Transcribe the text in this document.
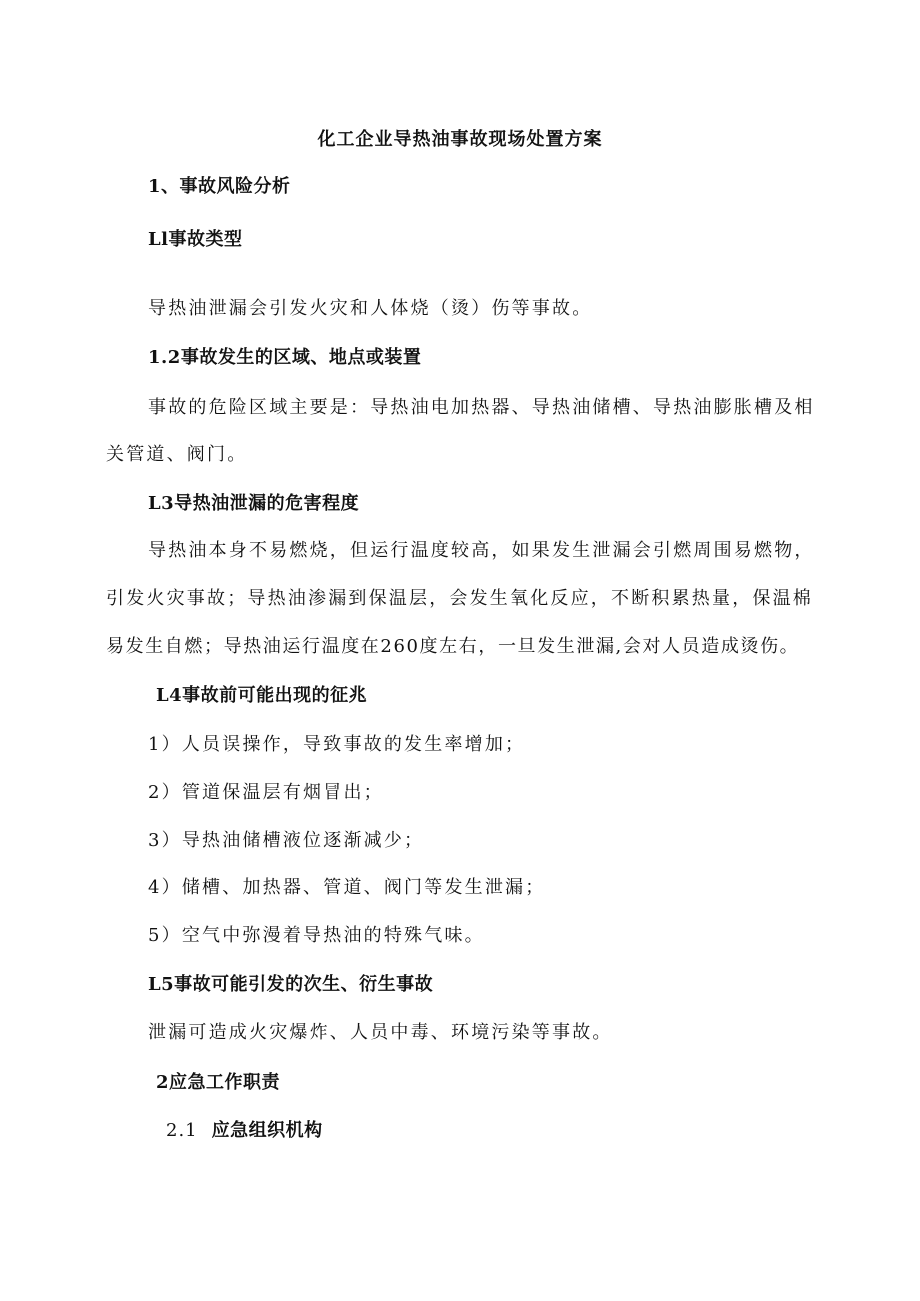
化工企业导热油事故现场处置方案
1、事故风险分析
Ll事故类型
导热油泄漏会引发火灾和人体烧（烫）伤等事故。
1.2事故发生的区域、地点或装置
事故的危险区域主要是：导热油电加热器、导热油储槽、导热油膨胀槽及相
关管道、阀门。
L3导热油泄漏的危害程度
导热油本身不易燃烧，但运行温度较高，如果发生泄漏会引燃周围易燃物，
引发火灾事故；导热油渗漏到保温层，会发生氧化反应，不断积累热量，保温棉
易发生自燃；导热油运行温度在260度左右，一旦发生泄漏,会对人员造成烫伤。
L4事故前可能出现的征兆
1）人员误操作，导致事故的发生率增加；
2）管道保温层有烟冒出；
3）导热油储槽液位逐渐减少；
4）储槽、加热器、管道、阀门等发生泄漏；
5）空气中弥漫着导热油的特殊气味。
L5事故可能引发的次生、衍生事故
泄漏可造成火灾爆炸、人员中毒、环境污染等事故。
2应急工作职责
2.1 应急组织机构
